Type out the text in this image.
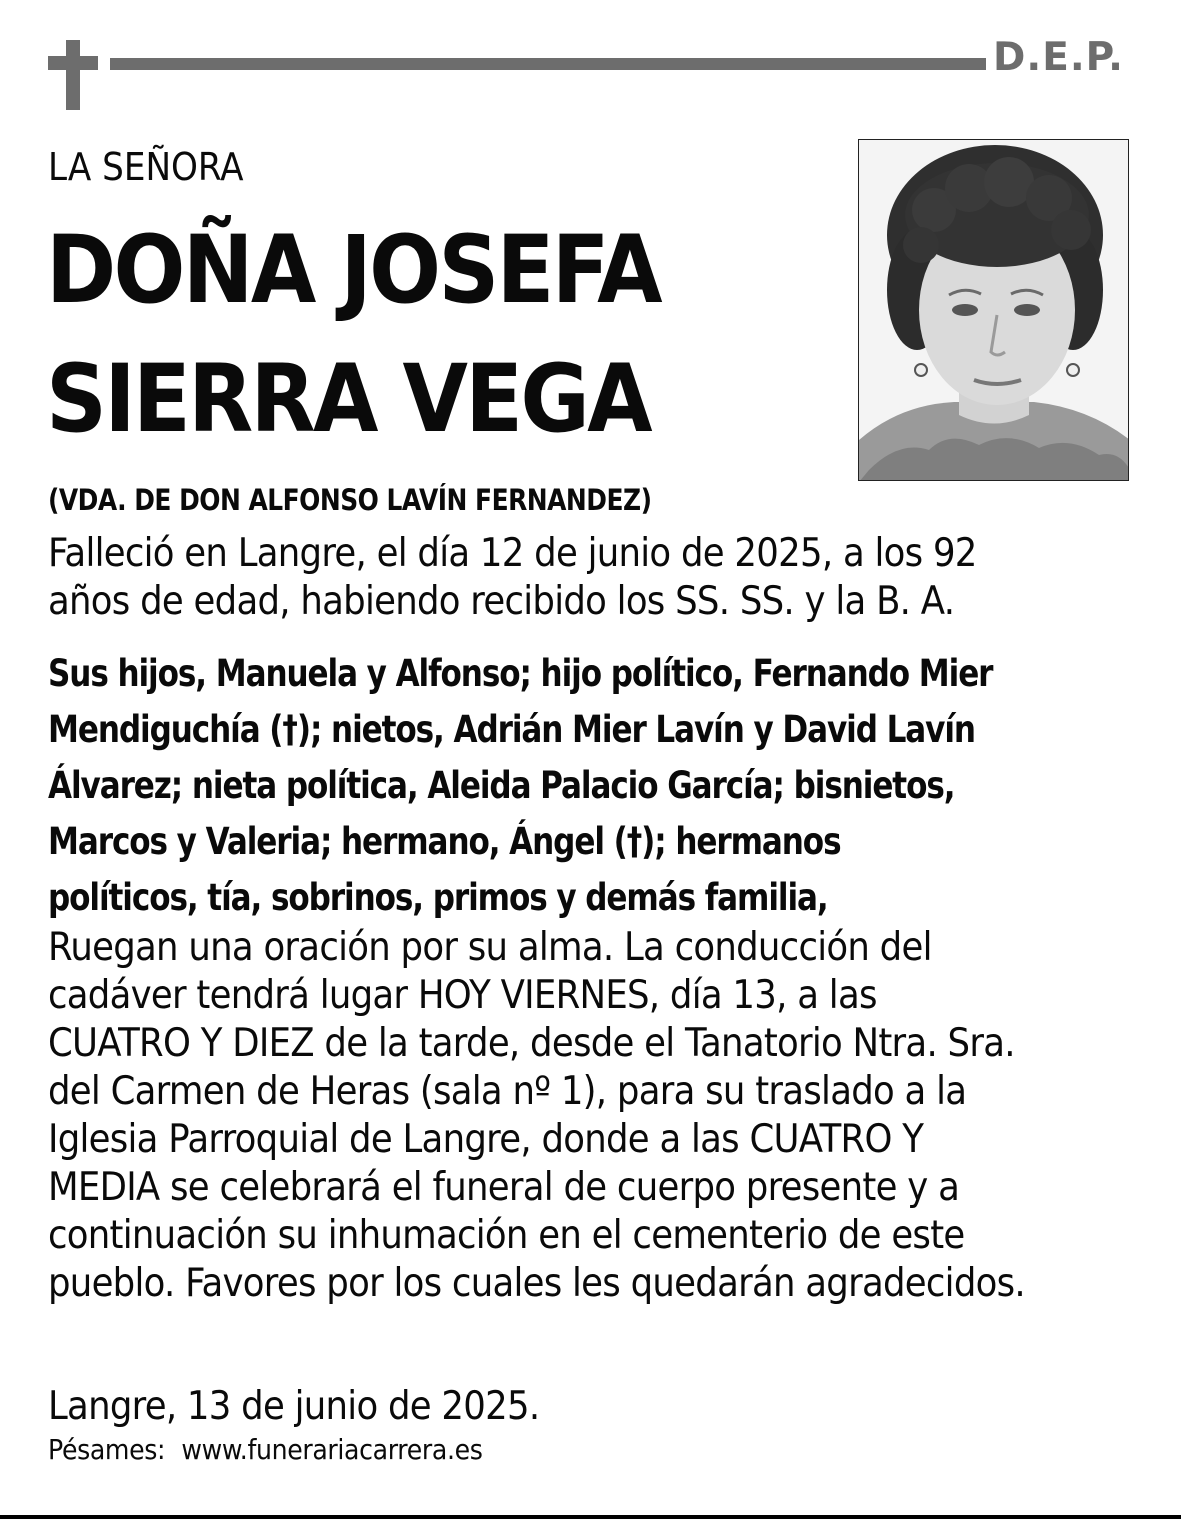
D.E.P.
LA SEÑORA
DOÑA JOSEFA
SIERRA VEGA
(VDA. DE DON ALFONSO LAVÍN FERNANDEZ)

Falleció en Langre, el día 12 de junio de 2025, a los 92
años de edad, habiendo recibido los SS. SS. y la B. A.

Sus hijos, Manuela y Alfonso; hijo político, Fernando Mier
Mendiguchía (†); nietos, Adrián Mier Lavín y David Lavín
Álvarez; nieta política, Aleida Palacio García; bisnietos,
Marcos y Valeria; hermano, Ángel (†); hermanos
políticos, tía, sobrinos, primos y demás familia,

Ruegan una oración por su alma. La conducción del
cadáver tendrá lugar HOY VIERNES, día 13, a las
CUATRO Y DIEZ de la tarde, desde el Tanatorio Ntra. Sra.
del Carmen de Heras (sala nº 1), para su traslado a la
Iglesia Parroquial de Langre, donde a las CUATRO Y
MEDIA se celebrará el funeral de cuerpo presente y a
continuación su inhumación en el cementerio de este
pueblo. Favores por los cuales les quedarán agradecidos.

Langre, 13 de junio de 2025.

Pésames: www.funerariacarrera.es
